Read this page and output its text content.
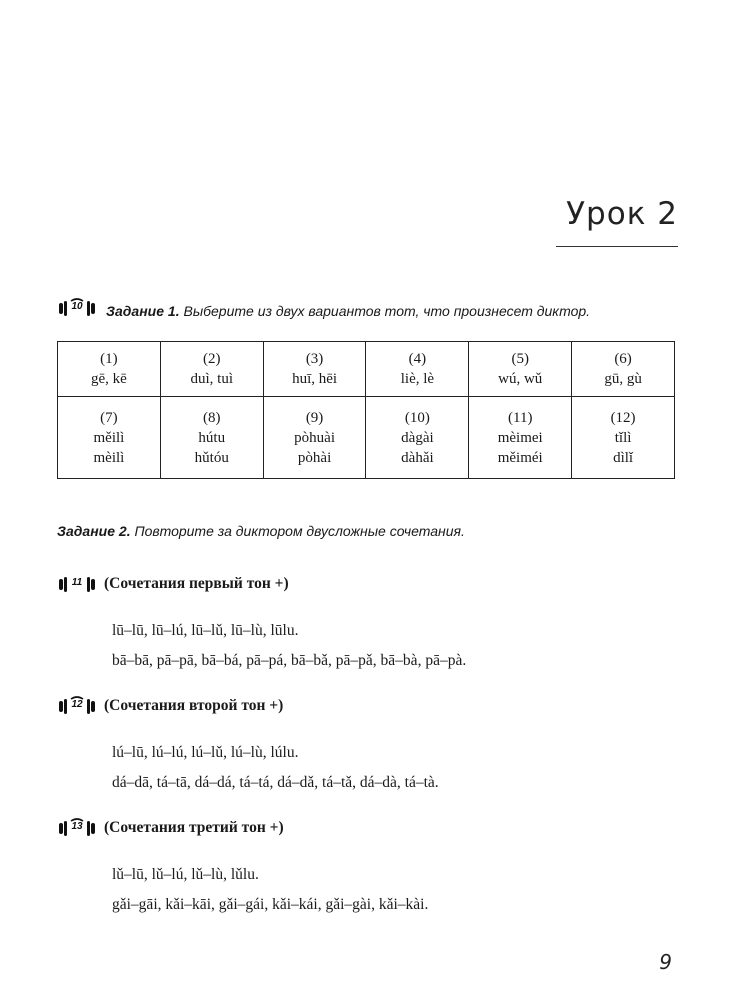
Урок 2
10	Задание 1. Выберите из двух вариантов тот, что произнесет диктор.
(1)
gē, kē	(2)
duì, tuì	(3)
huī, hēi	(4)
liè, lè	(5)
wú, wǔ	(6)
gū, gù

(7)
měilì
mèilì	(8)
hútu
hǔtóu	(9)
pòhuài
pòhài	(10)
dàgài
dàhǎi	(11)
mèimei
měiméi	(12)
tǐlì
dìlǐ
Задание 2. Повторите за диктором двусложные сочетания.
11	(Сочетания первый тон +)
lū–lū, lū–lú, lū–lǔ, lū–lù, lūlu.
bā–bā, pā–pā, bā–bá, pā–pá, bā–bǎ, pā–pǎ, bā–bà, pā–pà.
12	(Сочетания второй тон +)
lú–lū, lú–lú, lú–lǔ, lú–lù, lúlu.
dá–dā, tá–tā, dá–dá, tá–tá, dá–dǎ, tá–tǎ, dá–dà, tá–tà.
13	(Сочетания третий тон +)
lǔ–lū, lǔ–lú, lǔ–lù, lǔlu.
gǎi–gāi, kǎi–kāi, gǎi–gái, kǎi–kái, gǎi–gài, kǎi–kài.
9
